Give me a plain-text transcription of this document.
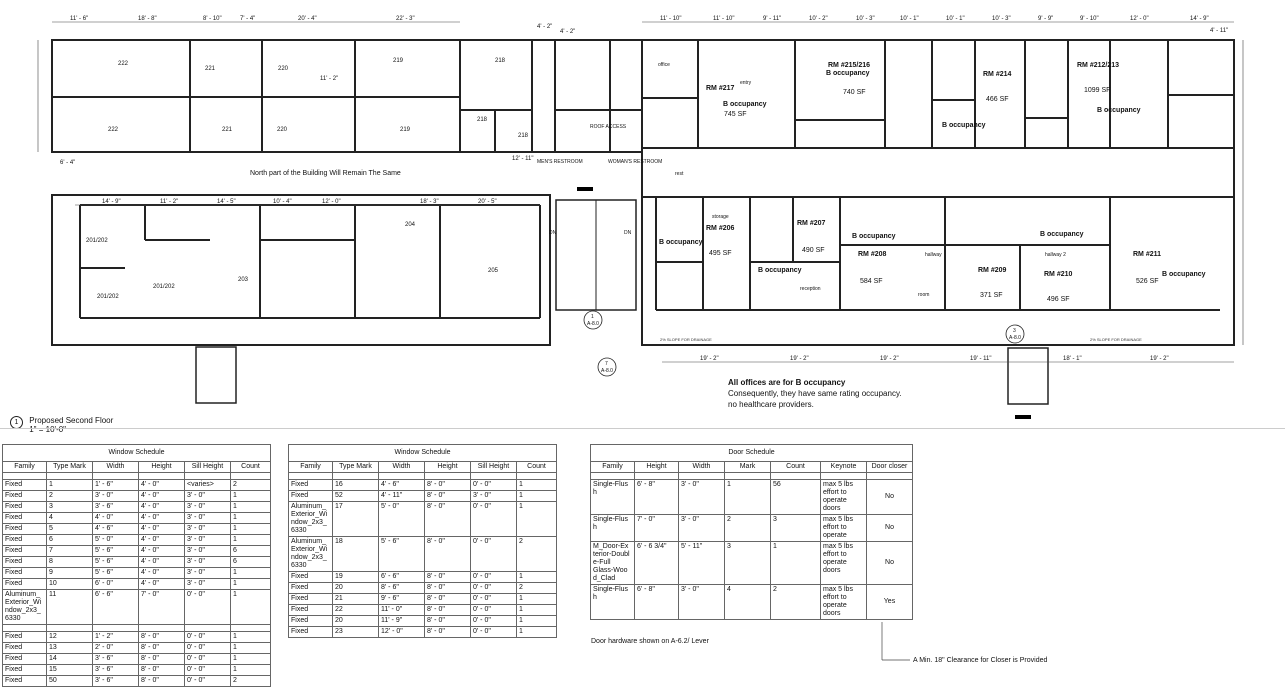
2% SLOPE FOR DRAINAGE	2% SLOPE FOR DRAINAGE
11' - 6"	18' - 8"	8' - 10"	7' - 4"	20' - 4"	22' - 3"
4' - 2"
4' - 2"
11' - 10"	11' - 10"	9' - 11"	10' - 2"	10' - 3"	10' - 1"	10' - 1"	10' - 3"	9' - 9"	9' - 10"	12' - 0"	14' - 9"
4' - 11"
19' - 2"	19' - 2"	19' - 2"	19' - 11"	18' - 1"	19' - 2"
14' - 9"	11' - 2"	14' - 5"	10' - 4"	12' - 0"	18' - 3"	20' - 5"
6' - 4"
12' - 11"
11' - 2"
222
221	220
219	218
222	221	220	219
218
218
201/202
203
204
205
201/202
201/202
North part of the Building Will Remain The Same
MEN'S RESTROOM	WOMAN'S RESTROOM
ROOF ACCESS
RM #217
B occupancy
RM #215/216
B occupancy	RM #214
B occupancy
RM #212/213
B occupancy
RM #206
B occupancy
RM #207
B occupancy
RM #208
B occupancy
RM #209
B occupancy
RM #210
RM #211
B occupancy
745 SF
740 SF
466 SF
1099 SF
495 SF	490 SF
584 SF
371 SF
496 SF
526 SF
office
entry
storage
reception
hallway	hallway 2
room
rest
DN	DN
1
A-8.0
7
A-8.0
3
A-8.0
All offices are for B occupancy
Consequently, they have same rating occupancy.
no healthcare providers.
1 Proposed Second Floor
1" = 10'-0"
Window Schedule
Family	Type Mark	Width	Height	Sill Height	Count

Fixed	1	1' - 6"	4' - 0"	<varies>	2
Fixed	2	3' - 0"	4' - 0"	3' - 0"	1
Fixed	3	3' - 6"	4' - 0"	3' - 0"	1
Fixed	4	4' - 0"	4' - 0"	3' - 0"	1
Fixed	5	4' - 6"	4' - 0"	3' - 0"	1
Fixed	6	5' - 0"	4' - 0"	3' - 0"	1
Fixed	7	5' - 6"	4' - 0"	3' - 0"	6
Fixed	8	5' - 6"	4' - 0"	3' - 0"	6
Fixed	9	5' - 6"	4' - 0"	3' - 0"	1
Fixed	10	6' - 0"	4' - 0"	3' - 0"	1
Aluminum_ Exterior_Wi ndow_2x3_ 6330	11	6' - 6"	7' - 0"	0' - 0"	1

Fixed	12	1' - 2"	8' - 0"	0' - 0"	1
Fixed	13	2' - 0"	8' - 0"	0' - 0"	1
Fixed	14	3' - 6"	8' - 0"	0' - 0"	1
Fixed	15	3' - 6"	8' - 0"	0' - 0"	1
Fixed	50	3' - 6"	8' - 0"	0' - 0"	2
Window Schedule
Family	Type Mark	Width	Height	Sill Height	Count

Fixed	16	4' - 6"	8' - 0"	0' - 0"	1
Fixed	52	4' - 11"	8' - 0"	3' - 0"	1
Aluminum_ Exterior_Wi ndow_2x3_ 6330	17	5' - 0"	8' - 0"	0' - 0"	1
Aluminum_ Exterior_Wi ndow_2x3_ 6330	18	5' - 6"	8' - 0"	0' - 0"	2
Fixed	19	6' - 6"	8' - 0"	0' - 0"	1
Fixed	20	8' - 6"	8' - 0"	0' - 0"	2
Fixed	21	9' - 6"	8' - 0"	0' - 0"	1
Fixed	22	11' - 0"	8' - 0"	0' - 0"	1
Fixed	20	11' - 9"	8' - 0"	0' - 0"	1
Fixed	23	12' - 0"	8' - 0"	0' - 0"	1
Door Schedule
Family	Height	Width	Mark	Count	Keynote	Door closer

Single-Flus h	6' - 8"	3' - 0"	1	56	max 5 lbs effort to operate doors	No
Single-Flus h	7' - 0"	3' - 0"	2	3	max 5 lbs effort to operate	No
M_Door-Ex terior-Doubl e-Full Glass-Woo d_Clad	6' - 6 3/4"	5' - 11"	3	1	max 5 lbs effort to operate doors	No
Single-Flus h	6' - 8"	3' - 0"	4	2	max 5 lbs effort to operate doors	Yes
Door hardware shown on A-6.2/ Lever
A Min. 18" Clearance for Closer is Provided
